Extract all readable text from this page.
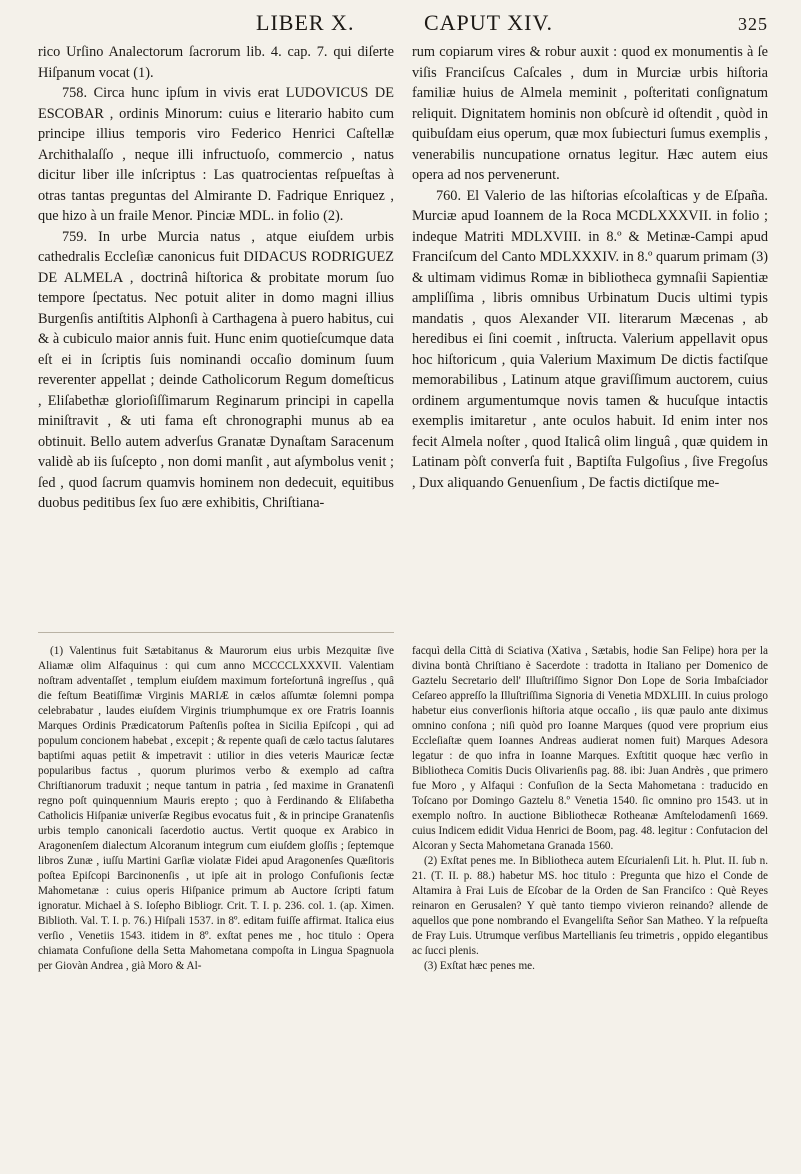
LIBER X.	CAPUT XIV.	325

rico Urſino Analectorum ſacrorum lib. 4. cap. 7. qui diſerte Hiſpanum vocat (1).

758. Circa hunc ipſum in vivis erat LUDOVICUS DE ESCOBAR , ordinis Minorum: cuius e literario habito cum principe illius temporis viro Federico Henrici Caſtellæ Archithalaſſo , neque illi infructuoſo, commercio , natus dicitur liber ille inſcriptus : Las quatrocientas reſpueſtas à otras tantas preguntas del Almirante D. Fadrique Enriquez , que hizo à un fraile Menor. Pinciæ MDL. in folio (2).

759. In urbe Murcia natus , atque eiuſdem urbis cathedralis Eccleſiæ canonicus fuit DIDACUS RODRIGUEZ DE ALMELA , doctrinâ hiſtorica & probitate morum ſuo tempore ſpectatus. Nec potuit aliter in domo magni illius Burgenſis antiſtitis Alphonſi à Carthagena à puero habitus, cui & à cubiculo maior annis fuit. Hunc enim quotieſcumque data eſt ei in ſcriptis ſuis nominandi occaſio dominum ſuum reverenter appellat ; deinde Catholicorum Regum domeſticus , Eliſabethæ glorioſiſſimarum Reginarum principi in capella miniſtravit , & uti fama eſt chronographi munus ab ea obtinuit. Bello autem adverſus Granatæ Dynaſtam Saracenum validè ab iis ſuſcepto , non domi manſit , aut aſymbolus venit ; ſed , quod ſacrum quamvis hominem non dedecuit, equitibus duobus peditibus ſex ſuo ære exhibitis, Chriſtiana-

rum copiarum vires & robur auxit : quod ex monumentis à ſe viſis Franciſcus Caſcales , dum in Murciæ urbis hiſtoria familiæ huius de Almela meminit , poſteritati conſignatum reliquit. Dignitatem hominis non obſcurè id oſtendit , quòd in quibuſdam eius operum, quæ mox ſubiecturi ſumus exemplis , venerabilis nuncupatione ornatus legitur. Hæc autem eius opera ad nos pervenerunt.

760. El Valerio de las hiſtorias eſcolaſticas y de Eſpaña. Murciæ apud Ioannem de la Roca MCDLXXXVII. in folio ; indeque Matriti MDLXVIII. in 8.º & Metinæ-Campi apud Franciſcum del Canto MDLXXXIV. in 8.º quarum primam (3) & ultimam vidimus Romæ in bibliotheca gymnaſii Sapientiæ ampliſſima , libris omnibus Urbinatum Ducis ultimi typis mandatis , quos Alexander VII. literarum Mæcenas , ab heredibus ei ſini coemit , inſtructa. Valerium appellavit opus hoc hiſtoricum , quia Valerium Maximum De dictis factiſque memorabilibus , Latinum atque graviſſimum auctorem, cuius ordinem argumentumque novis tamen & hucuſque intactis exemplis imitaretur , ante oculos habuit. Id enim inter nos fecit Almela noſter , quod Italicâ olim linguâ , quæ quidem in Latinam pòſt converſa fuit , Baptiſta Fulgoſius , ſive Fregoſus , Dux aliquando Genuenſium , De factis dictiſque me-

(1) Valentinus fuit Sætabitanus & Maurorum eius urbis Mezquitæ ſive Aliamæ olim Alfaquinus : qui cum anno MCCCCLXXXVII. Valentiam noſtram adventaſſet , templum eiuſdem maximum forteſortunâ ingreſſus , quâ die feſtum Beatiſſimæ Virginis MARIÆ in cælos aſſumtæ ſolemni pompa celebrabatur , laudes eiuſdem Virginis triumphumque ex ore Fratris Ioannis Marques Ordinis Prædicatorum Paſtenſis poſtea in Sicilia Epiſcopi , qui ad populum concionem habebat , excepit ; & repente quaſi de cælo tactus ſalutares baptiſmi aquas petiit & impetravit : utilior in dies veteris Mauricæ ſectæ popularibus factus , quorum plurimos verbo & exemplo ad caſtra Chriſtianorum traduxit ; neque tantum in patria , ſed maxime in Granatenſi regno poſt quinquennium Mauris erepto ; quo à Ferdinando & Eliſabetha Catholicis Hiſpaniæ univerſæ Regibus evocatus fuit , & in principe Granatenſis urbis templo canonicali ſacerdotio auctus. Vertit quoque ex Arabico in Aragonenſem dialectum Alcoranum integrum cum eiuſdem gloſſis ; ſeptemque libros Zunæ , iuſſu Martini Garſiæ violatæ Fidei apud Aragonenſes Quæſitoris poſtea Epiſcopi Barcinonenſis , ut ipſe ait in prologo Confuſionis ſectæ Mahometanæ : cuius operis Hiſpanice primum ab Auctore ſcripti fatum ignoratur. Michael à S. Ioſepho Bibliogr. Crit. T. I. p. 236. col. 1. (ap. Ximen. Biblioth. Val. T. I. p. 76.) Hiſpali 1537. in 8º. editam fuiſſe affirmat. Italica eius verſio , Venetiis 1543. itidem in 8º. exſtat penes me , hoc titulo : Opera chiamata Confuſione della Setta Mahometana compoſta in Lingua Spagnuola per Giovàn Andrea , già Moro & Al-

facquì della Città di Sciativa (Xativa , Sætabis, hodie San Felipe) hora per la divina bontà Chriſtiano è Sacerdote : tradotta in Italiano per Domenico de Gaztelu Secretario dell' Illuſtriſſimo Signor Don Lope de Soria Imbaſciador Ceſareo appreſſo la Illuſtriſſima Signoria di Venetia MDXLIII. In cuius prologo habetur eius converſionis hiſtoria atque occaſio , iis quæ paulo ante diximus omnino conſona ; niſi quòd pro Ioanne Marques (quod vere proprium eius Eccleſiaſtæ quem Ioannes Andreas audierat nomen fuit) Marques Adesora legatur : de quo infra in Ioanne Marques. Exſtitit quoque hæc verſio in Bibliotheca Comitis Ducis Olivarienſis pag. 88. ibi: Juan Andrès , que primero fue Moro , y Alfaqui : Confuſion de la Secta Mahometana : traducido en Toſcano por Domingo Gaztelu 8.º Venetia 1540. ſic omnino pro 1543. ut in exemplo noſtro. In auctione Bibliothecæ Rotheanæ Amſtelodamenſi 1669. cuius Indicem edidit Vidua Henrici de Boom, pag. 48. legitur : Confutacion del Alcoran y Secta Mahometana Granada 1560.

(2) Exſtat penes me. In Bibliotheca autem Eſcurialenſi Lit. h. Plut. II. ſub n. 21. (T. II. p. 88.) habetur MS. hoc titulo : Pregunta que hizo el Conde de Altamira à Frai Luis de Eſcobar de la Orden de San Franciſco : Què Reyes reinaron en Gerusalen? Y què tanto tiempo vivieron reinando? allende de aquellos que pone nombrando el Evangeliſta Señor San Matheo. Y la reſpueſta de Fray Luis. Utrumque verſibus Martellianis ſeu trimetris , oppido elegantibus ac ſucci plenis.

(3) Exſtat hæc penes me.
